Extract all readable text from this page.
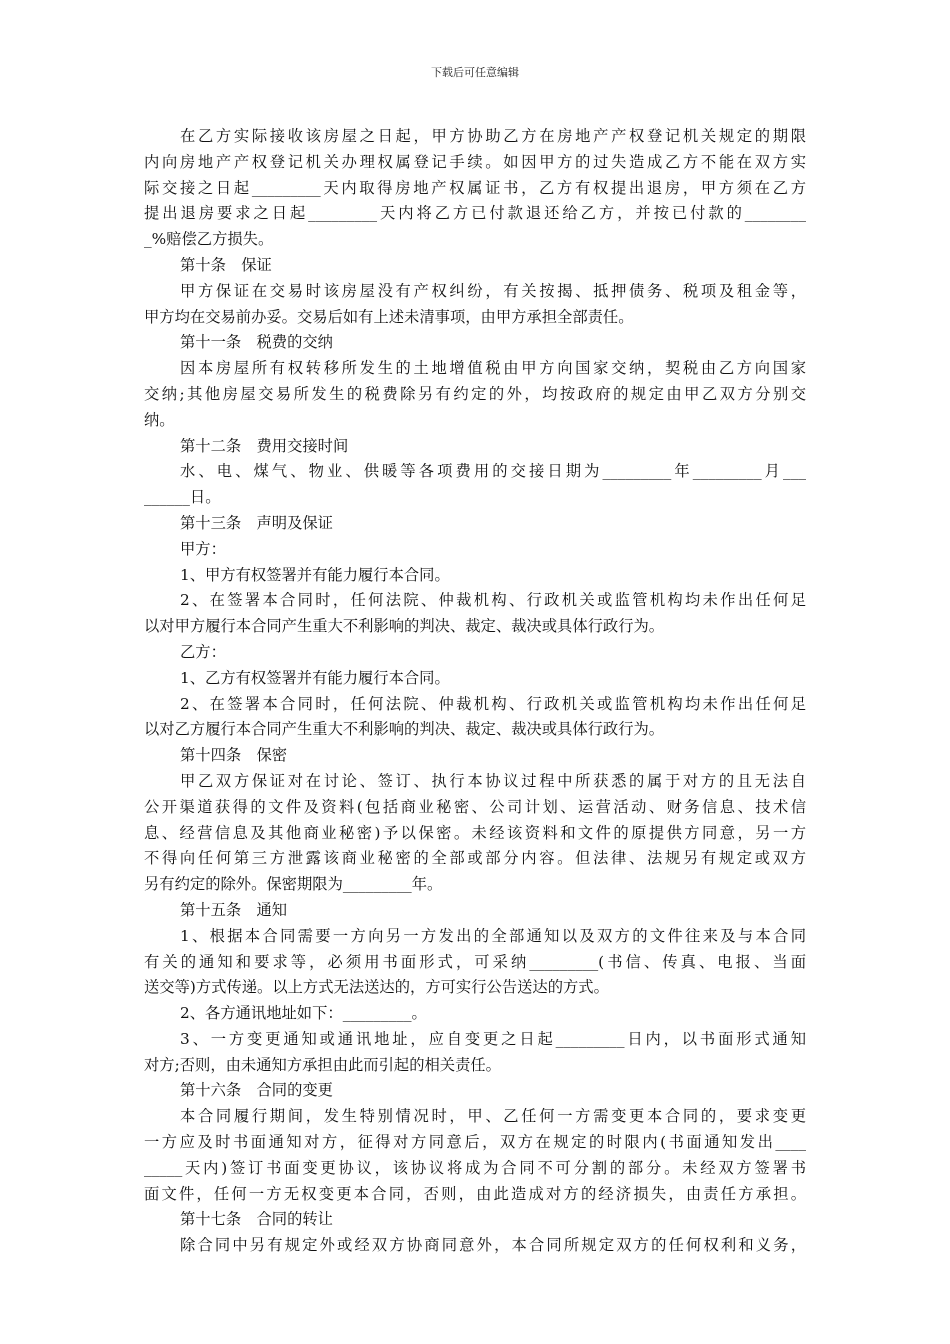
下载后可任意编辑
在乙方实际接收该房屋之日起，甲方协助乙方在房地产产权登记机关规定的期限
内向房地产产权登记机关办理权属登记手续。如因甲方的过失造成乙方不能在双方实
际交接之日起_________天内取得房地产权属证书，乙方有权提出退房，甲方须在乙方
提出退房要求之日起_________天内将乙方已付款退还给乙方，并按已付款的________
_%赔偿乙方损失。
第十条　保证
甲方保证在交易时该房屋没有产权纠纷，有关按揭、抵押债务、税项及租金等，
甲方均在交易前办妥。交易后如有上述未清事项，由甲方承担全部责任。
第十一条　税费的交纳
因本房屋所有权转移所发生的土地增值税由甲方向国家交纳，契税由乙方向国家
交纳;其他房屋交易所发生的税费除另有约定的外，均按政府的规定由甲乙双方分别交
纳。
第十二条　费用交接时间
水、电、煤气、物业、供暖等各项费用的交接日期为_________年_________月___
______日。
第十三条　声明及保证
甲方：
1、甲方有权签署并有能力履行本合同。
2、在签署本合同时，任何法院、仲裁机构、行政机关或监管机构均未作出任何足
以对甲方履行本合同产生重大不利影响的判决、裁定、裁决或具体行政行为。
乙方：
1、乙方有权签署并有能力履行本合同。
2、在签署本合同时，任何法院、仲裁机构、行政机关或监管机构均未作出任何足
以对乙方履行本合同产生重大不利影响的判决、裁定、裁决或具体行政行为。
第十四条　保密
甲乙双方保证对在讨论、签订、执行本协议过程中所获悉的属于对方的且无法自
公开渠道获得的文件及资料(包括商业秘密、公司计划、运营活动、财务信息、技术信
息、经营信息及其他商业秘密)予以保密。未经该资料和文件的原提供方同意，另一方
不得向任何第三方泄露该商业秘密的全部或部分内容。但法律、法规另有规定或双方
另有约定的除外。保密期限为_________年。
第十五条　通知
1、根据本合同需要一方向另一方发出的全部通知以及双方的文件往来及与本合同
有关的通知和要求等，必须用书面形式，可采纳_________(书信、传真、电报、当面
送交等)方式传递。以上方式无法送达的，方可实行公告送达的方式。
2、各方通讯地址如下：_________。
3、一方变更通知或通讯地址，应自变更之日起_________日内，以书面形式通知
对方;否则，由未通知方承担由此而引起的相关责任。
第十六条　合同的变更
本合同履行期间，发生特别情况时，甲、乙任何一方需变更本合同的，要求变更
一方应及时书面通知对方，征得对方同意后，双方在规定的时限内(书面通知发出____
_____天内)签订书面变更协议，该协议将成为合同不可分割的部分。未经双方签署书
面文件，任何一方无权变更本合同，否则，由此造成对方的经济损失，由责任方承担。
第十七条　合同的转让
除合同中另有规定外或经双方协商同意外，本合同所规定双方的任何权利和义务，
